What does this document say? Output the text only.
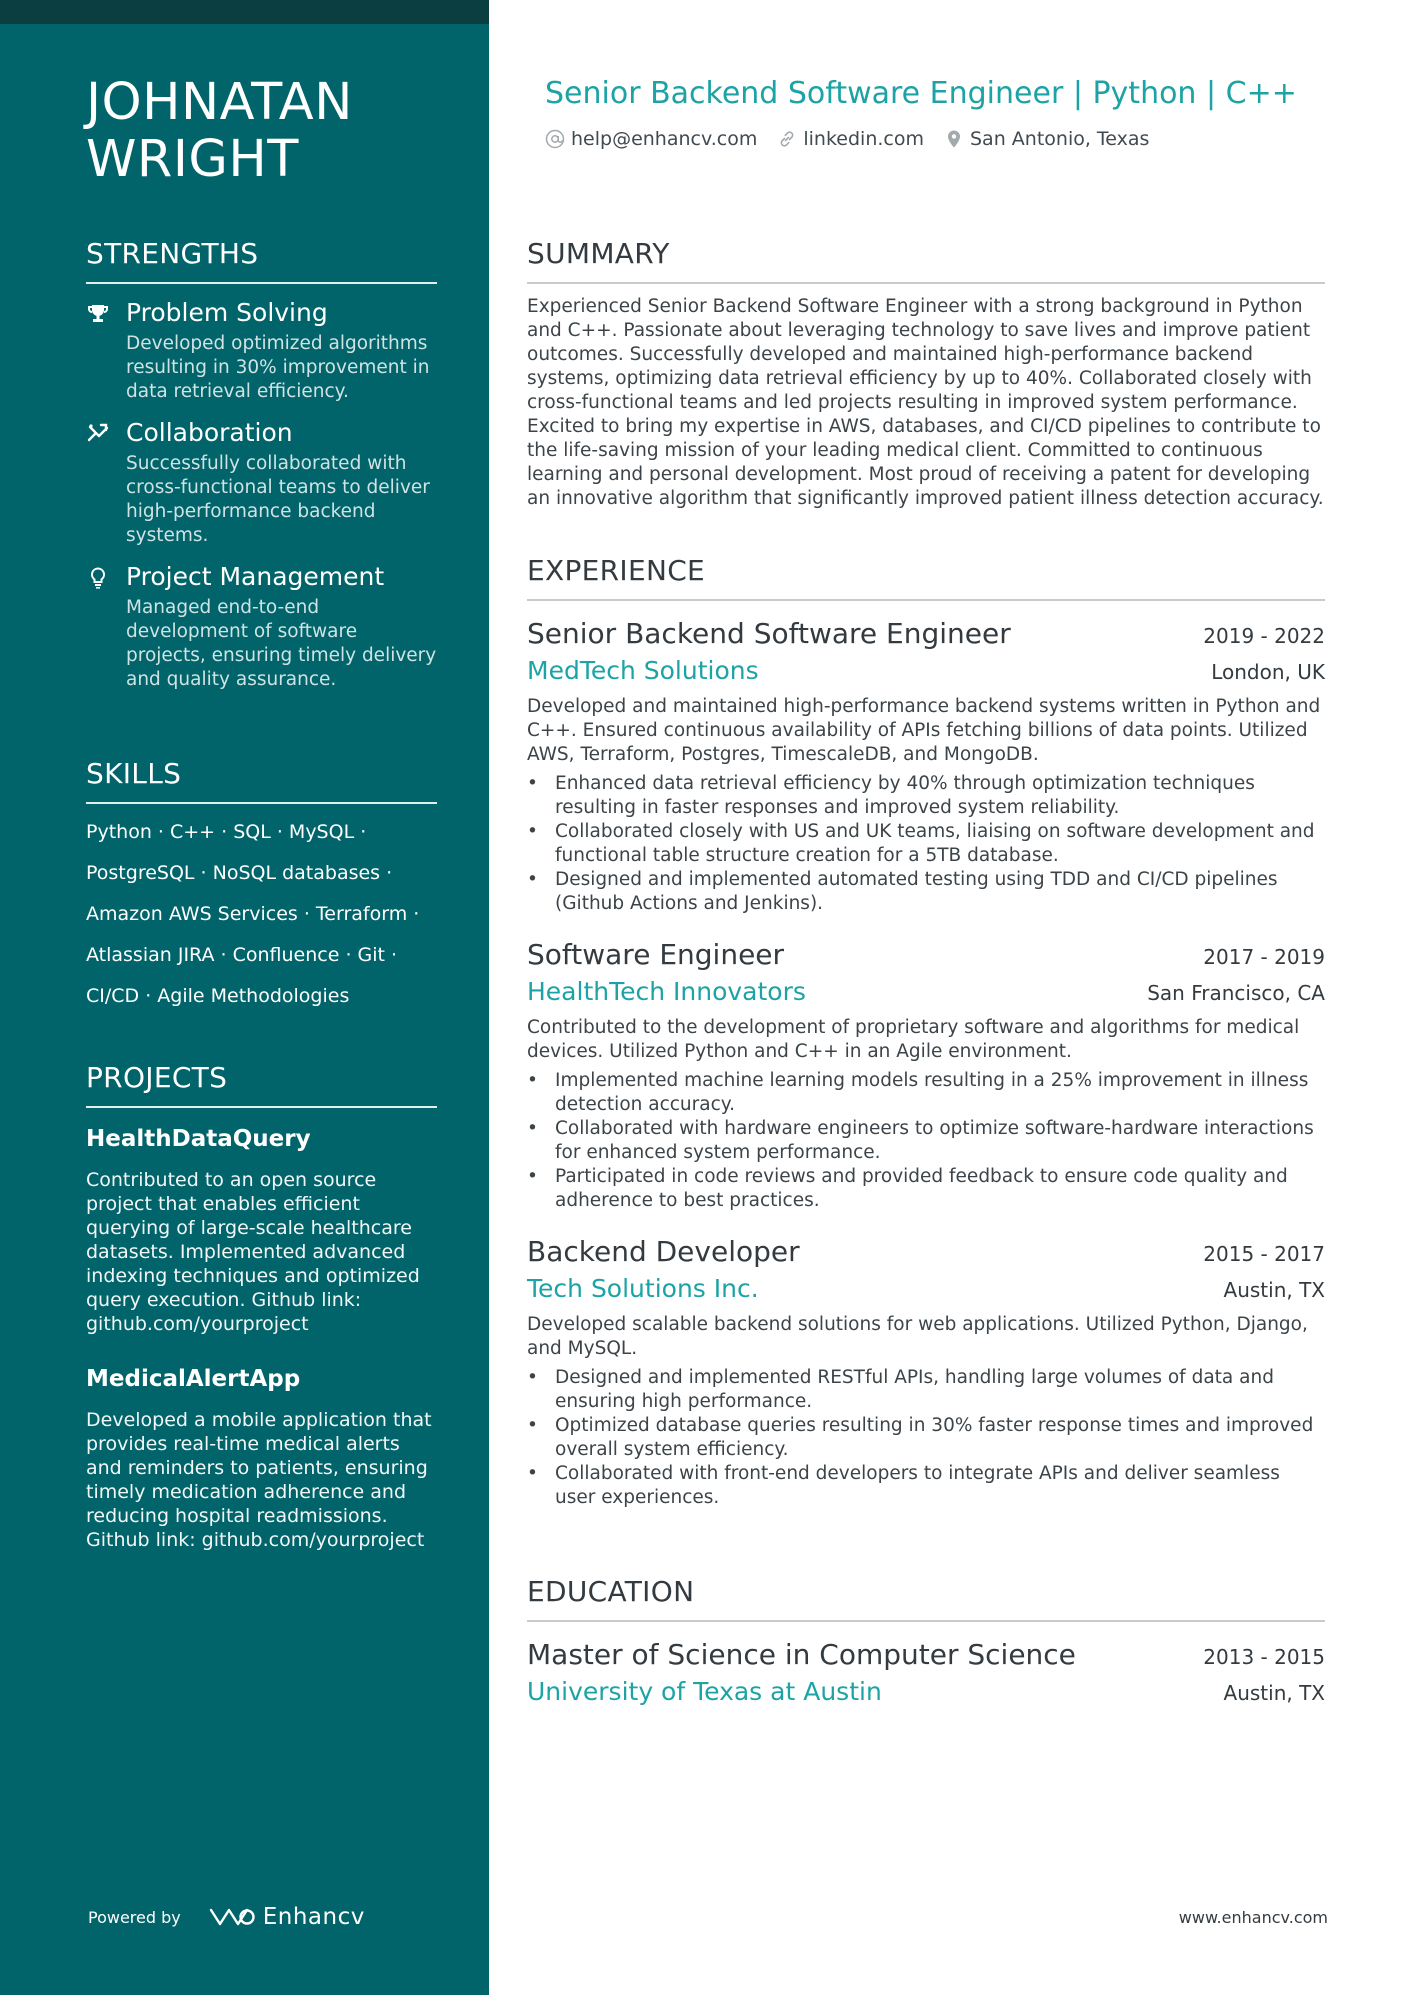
JOHNATAN
WRIGHT
STRENGTHS
Problem Solving
Developed optimized algorithms resulting in 30% improvement in data retrieval efficiency.
Collaboration
Successfully collaborated with cross-functional teams to deliver high-performance backend systems.
Project Management
Managed end-to-end development of software projects, ensuring timely delivery and quality assurance.
SKILLS
Python · C++ · SQL · MySQL ·
PostgreSQL · NoSQL databases ·
Amazon AWS Services · Terraform ·
Atlassian JIRA · Confluence · Git ·
CI/CD · Agile Methodologies
PROJECTS
HealthDataQuery
Contributed to an open source project that enables efficient querying of large-scale healthcare datasets. Implemented advanced indexing techniques and optimized query execution. Github link: github.com/yourproject
MedicalAlertApp
Developed a mobile application that provides real-time medical alerts and reminders to patients, ensuring timely medication adherence and reducing hospital readmissions. Github link: github.com/yourproject
Powered by	Enhancv
Senior Backend Software Engineer | Python | C++
help@enhancv.com linkedin.com San Antonio, Texas
SUMMARY

Experienced Senior Backend Software Engineer with a strong background in Python and C++. Passionate about leveraging technology to save lives and improve patient outcomes. Successfully developed and maintained high-performance backend systems, optimizing data retrieval efficiency by up to 40%. Collaborated closely with cross-functional teams and led projects resulting in improved system performance. Excited to bring my expertise in AWS, databases, and CI/CD pipelines to contribute to the life-saving mission of your leading medical client. Committed to continuous learning and personal development. Most proud of receiving a patent for developing an innovative algorithm that significantly improved patient illness detection accuracy.

EXPERIENCE
Senior Backend Software Engineer	2019 - 2022
MedTech Solutions	London, UK

Developed and maintained high-performance backend systems written in Python and C++. Ensured continuous availability of APIs fetching billions of data points. Utilized AWS, Terraform, Postgres, TimescaleDB, and MongoDB.

• Enhanced data retrieval efficiency by 40% through optimization techniques resulting in faster responses and improved system reliability.
• Collaborated closely with US and UK teams, liaising on software development and functional table structure creation for a 5TB database.
• Designed and implemented automated testing using TDD and CI/CD pipelines (Github Actions and Jenkins).
Software Engineer	2017 - 2019
HealthTech Innovators	San Francisco, CA

Contributed to the development of proprietary software and algorithms for medical devices. Utilized Python and C++ in an Agile environment.

• Implemented machine learning models resulting in a 25% improvement in illness detection accuracy.
• Collaborated with hardware engineers to optimize software-hardware interactions for enhanced system performance.
• Participated in code reviews and provided feedback to ensure code quality and adherence to best practices.
Backend Developer	2015 - 2017
Tech Solutions Inc.	Austin, TX

Developed scalable backend solutions for web applications. Utilized Python, Django, and MySQL.

• Designed and implemented RESTful APIs, handling large volumes of data and ensuring high performance.
• Optimized database queries resulting in 30% faster response times and improved overall system efficiency.
• Collaborated with front-end developers to integrate APIs and deliver seamless user experiences.
EDUCATION
Master of Science in Computer Science	2013 - 2015
University of Texas at Austin	Austin, TX
www.enhancv.com
